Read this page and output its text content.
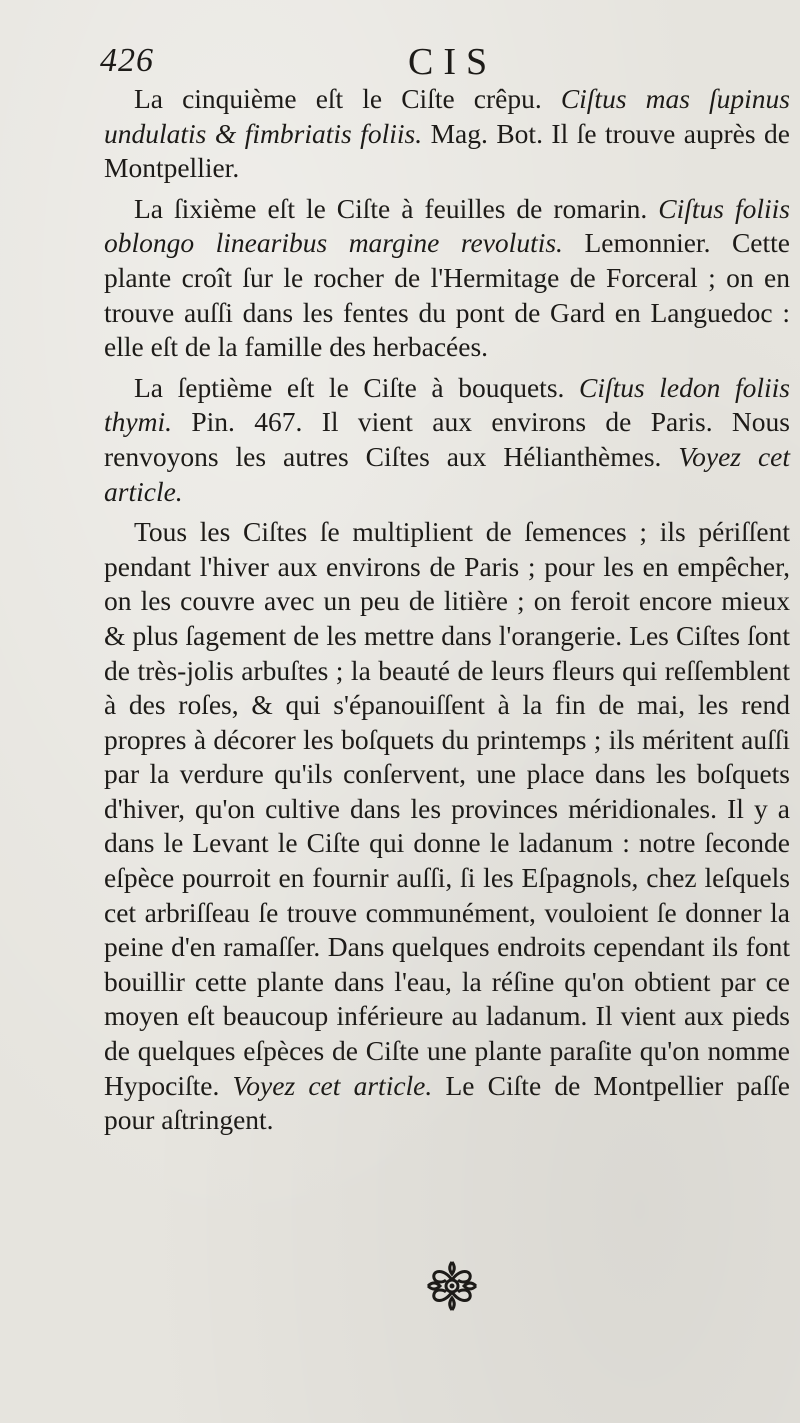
426	CIS

La cinquième eſt le Ciſte crêpu. Ciſtus mas ſupinus undulatis & fimbriatis foliis. Mag. Bot. Il ſe trouve auprès de Montpellier.

La ſixième eſt le Ciſte à feuilles de romarin. Ciſtus foliis oblongo linearibus margine revolutis. Lemonnier. Cette plante croît ſur le rocher de l'Hermitage de Forceral ; on en trouve auſſi dans les fentes du pont de Gard en Languedoc : elle eſt de la famille des herbacées.

La ſeptième eſt le Ciſte à bouquets. Ciſtus ledon foliis thymi. Pin. 467. Il vient aux environs de Paris. Nous renvoyons les autres Ciſtes aux Hélianthèmes. Voyez cet article.

Tous les Ciſtes ſe multiplient de ſemences ; ils périſſent pendant l'hiver aux environs de Paris ; pour les en empêcher, on les couvre avec un peu de litière ; on feroit encore mieux & plus ſagement de les mettre dans l'orangerie. Les Ciſtes ſont de très-jolis arbuſtes ; la beauté de leurs fleurs qui reſſemblent à des roſes, & qui s'épanouiſſent à la fin de mai, les rend propres à décorer les boſquets du printemps ; ils méritent auſſi par la verdure qu'ils conſervent, une place dans les boſquets d'hiver, qu'on cultive dans les provinces méridionales. Il y a dans le Levant le Ciſte qui donne le ladanum : notre ſeconde eſpèce pourroit en fournir auſſi, ſi les Eſpagnols, chez leſquels cet arbriſſeau ſe trouve communément, vouloient ſe donner la peine d'en ramaſſer. Dans quelques endroits cependant ils font bouillir cette plante dans l'eau, la réſine qu'on obtient par ce moyen eſt beaucoup inférieure au ladanum. Il vient aux pieds de quelques eſpèces de Ciſte une plante paraſite qu'on nomme Hypociſte. Voyez cet article. Le Ciſte de Montpellier paſſe pour aſtringent.
